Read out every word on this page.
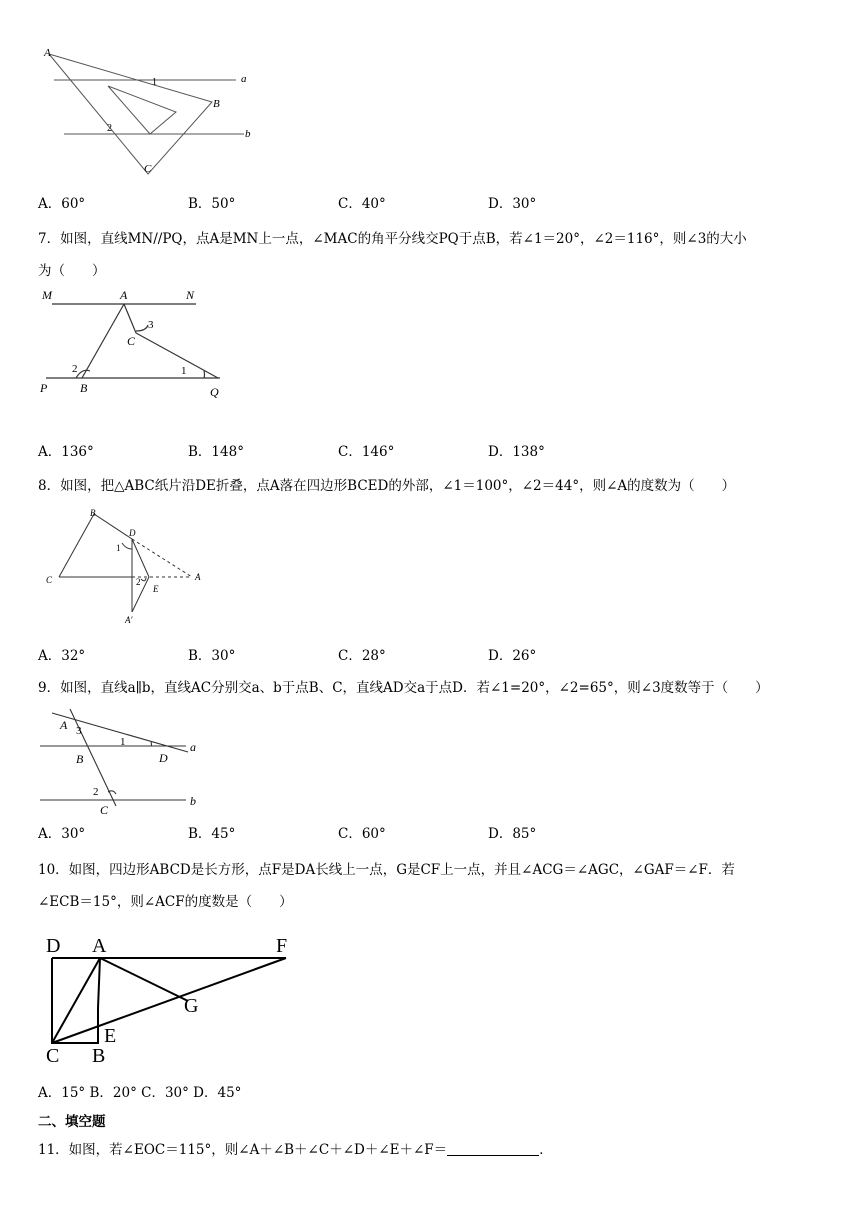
A
a
1
B
2	b
C
A．60°	B．50°	C．40°	D．30°
7．如图，直线MN//PQ，点A是MN上一点，∠MAC的角平分线交PQ于点B，若∠1＝20°，∠2＝116°，则∠3的大小
为（　　）
M	A	N
3
C
2	1
P	B	Q
A．136°	B．148°	C．146°	D．138°
8．如图，把△ABC纸片沿DE折叠，点A落在四边形BCED的外部，∠1＝100°，∠2＝44°，则∠A的度数为（　　）
B
D
1
C	2	A
E
A′
A．32°	B．30°	C．28°	D．26°
9．如图，直线a∥b，直线AC分别交a、b于点B、C，直线AD交a于点D．若∠1=20°，∠2=65°，则∠3度数等于（　　）
A 3
1	a
B	D
2
b
C
A．30°	B．45°	C．60°	D．85°
10．如图，四边形ABCD是长方形，点F是DA长线上一点，G是CF上一点，并且∠ACG＝∠AGC，∠GAF＝∠F．若
∠ECB＝15°，则∠ACF的度数是（　　）
D A	F
G
E
C B
A．15° B．20° C．30° D．45°
二、填空题
11．如图，若∠EOC＝115°，则∠A＋∠B＋∠C＋∠D＋∠E＋∠F＝	．
